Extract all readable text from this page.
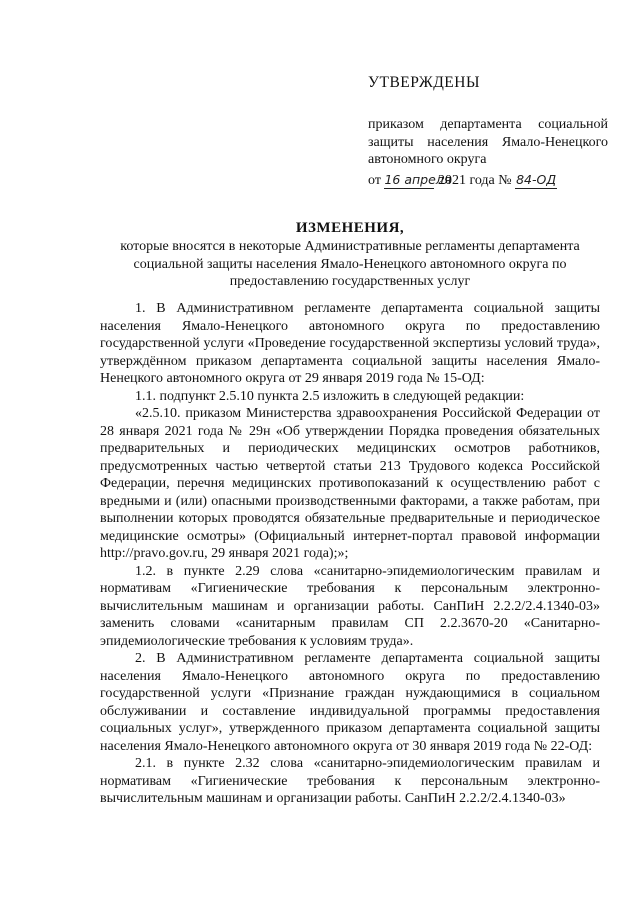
УТВЕРЖДЕНЫ
приказом департамента социальной защиты населения Ямало-Ненецкого автономного округа
от 16 апреля 2021 года № 84-ОД
ИЗМЕНЕНИЯ,
которые вносятся в некоторые Административные регламенты департамента социальной защиты населения Ямало-Ненецкого автономного округа по предоставлению государственных услуг

1. В Административном регламенте департамента социальной защиты населения Ямало-Ненецкого автономного округа по предоставлению государственной услуги «Проведение государственной экспертизы условий труда», утверждённом приказом департамента социальной защиты населения Ямало-Ненецкого автономного округа от 29 января 2019 года № 15-ОД:

1.1. подпункт 2.5.10 пункта 2.5 изложить в следующей редакции:

«2.5.10. приказом Министерства здравоохранения Российской Федерации от 28 января 2021 года № 29н «Об утверждении Порядка проведения обязательных предварительных и периодических медицинских осмотров работников, предусмотренных частью четвертой статьи 213 Трудового кодекса Российской Федерации, перечня медицинских противопоказаний к осуществлению работ с вредными и (или) опасными производственными факторами, а также работам, при выполнении которых проводятся обязательные предварительные и периодическое медицинские осмотры» (Официальный интернет-портал правовой информации http://pravo.gov.ru, 29 января 2021 года);»;

1.2. в пункте 2.29 слова «санитарно-эпидемиологическим правилам и нормативам «Гигиенические требования к персональным электронно-вычислительным машинам и организации работы. СанПиН 2.2.2/2.4.1340-03» заменить словами «санитарным правилам СП 2.2.3670-20 «Санитарно-эпидемиологические требования к условиям труда».

2. В Административном регламенте департамента социальной защиты населения Ямало-Ненецкого автономного округа по предоставлению государственной услуги «Признание граждан нуждающимися в социальном обслуживании и составление индивидуальной программы предоставления социальных услуг», утвержденного приказом департамента социальной защиты населения Ямало-Ненецкого автономного округа от 30 января 2019 года № 22-ОД:

2.1. в пункте 2.32 слова «санитарно-эпидемиологическим правилам и нормативам «Гигиенические требования к персональным электронно-вычислительным машинам и организации работы. СанПиН 2.2.2/2.4.1340-03»
